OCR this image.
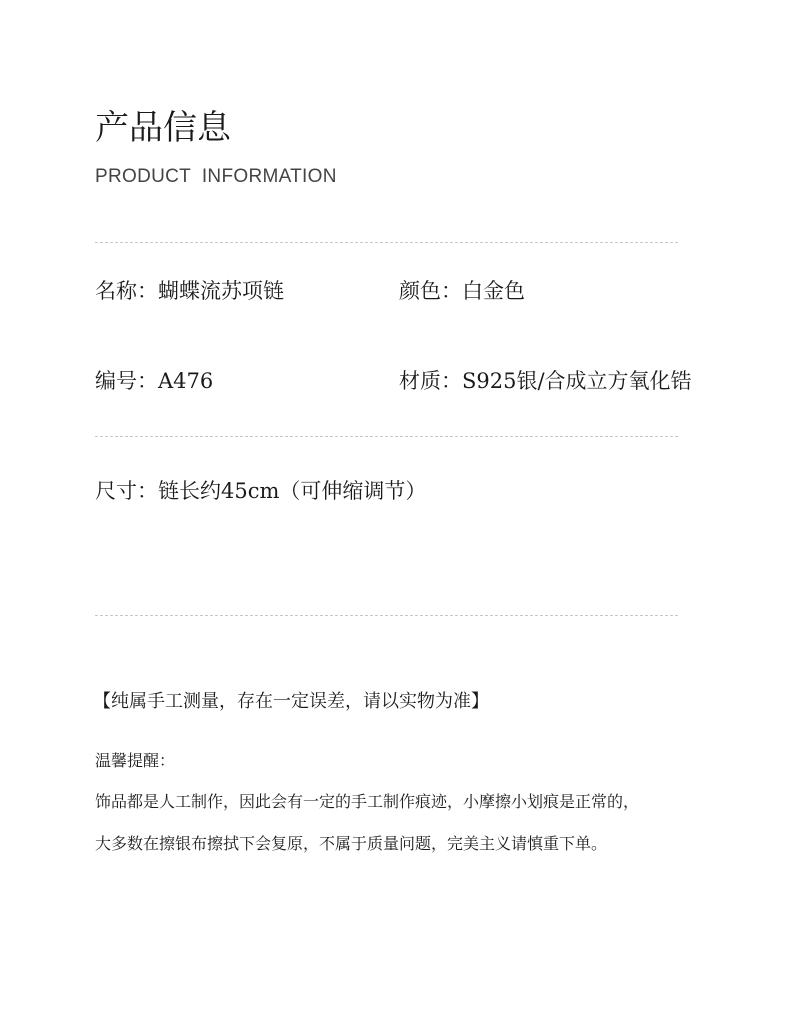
产品信息
PRODUCT  INFORMATION
名称：蝴蝶流苏项链	颜色：白金色
编号：A476	材质：S925银/合成立方氧化锆
尺寸：链长约45cm（可伸缩调节）
【纯属手工测量，存在一定误差，请以实物为准】
温馨提醒：
饰品都是人工制作，因此会有一定的手工制作痕迹，小摩擦小划痕是正常的，
大多数在擦银布擦拭下会复原，不属于质量问题，完美主义请慎重下单。
